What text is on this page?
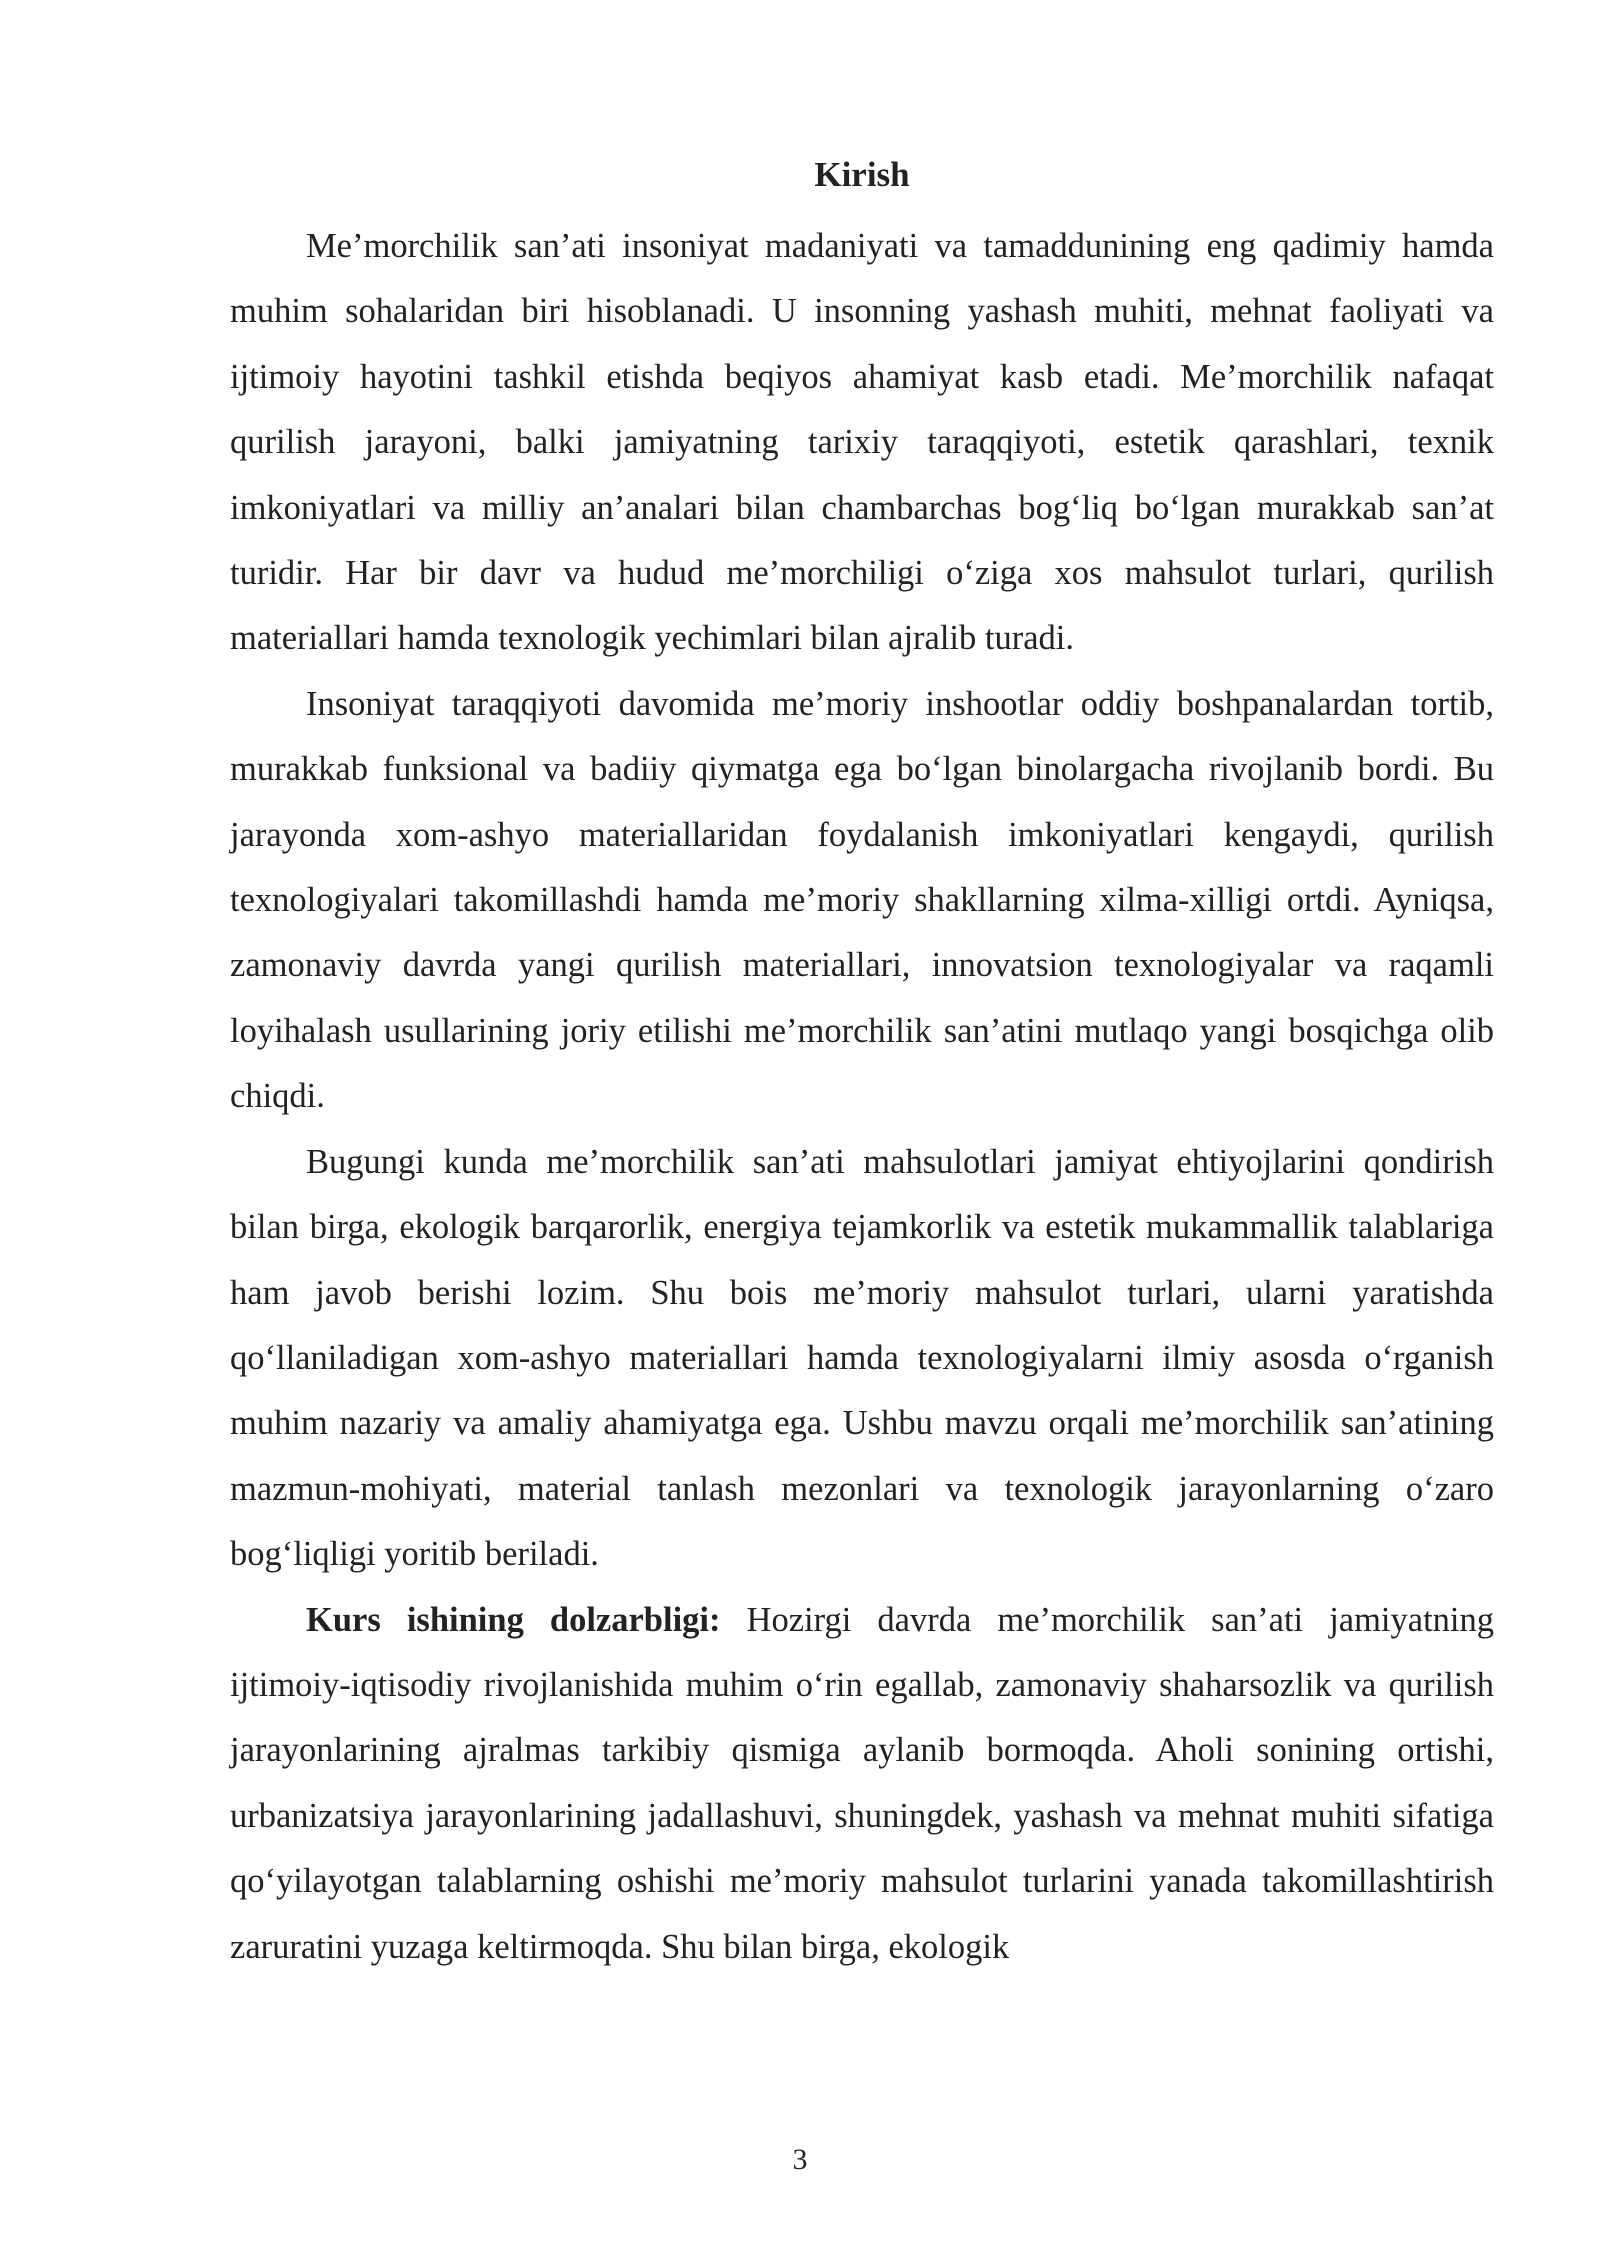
Kirish

Me’morchilik san’ati insoniyat madaniyati va tamaddunining eng qadimiy hamda muhim sohalaridan biri hisoblanadi. U insonning yashash muhiti, mehnat faoliyati va ijtimoiy hayotini tashkil etishda beqiyos ahamiyat kasb etadi. Me’morchilik nafaqat qurilish jarayoni, balki jamiyatning tarixiy taraqqiyoti, estetik qarashlari, texnik imkoniyatlari va milliy an’analari bilan chambarchas bog‘liq bo‘lgan murakkab san’at turidir. Har bir davr va hudud me’morchiligi o‘ziga xos mahsulot turlari, qurilish materiallari hamda texnologik yechimlari bilan ajralib turadi.

Insoniyat taraqqiyoti davomida me’moriy inshootlar oddiy boshpanalardan tortib, murakkab funksional va badiiy qiymatga ega bo‘lgan binolargacha rivojlanib bordi. Bu jarayonda xom-ashyo materiallaridan foydalanish imkoniyatlari kengaydi, qurilish texnologiyalari takomillashdi hamda me’moriy shakllarning xilma-xilligi ortdi. Ayniqsa, zamonaviy davrda yangi qurilish materiallari, innovatsion texnologiyalar va raqamli loyihalash usullarining joriy etilishi me’morchilik san’atini mutlaqo yangi bosqichga olib chiqdi.

Bugungi kunda me’morchilik san’ati mahsulotlari jamiyat ehtiyojlarini qondirish bilan birga, ekologik barqarorlik, energiya tejamkorlik va estetik mukammallik talablariga ham javob berishi lozim. Shu bois me’moriy mahsulot turlari, ularni yaratishda qo‘llaniladigan xom-ashyo materiallari hamda texnologiyalarni ilmiy asosda o‘rganish muhim nazariy va amaliy ahamiyatga ega. Ushbu mavzu orqali me’morchilik san’atining mazmun-mohiyati, material tanlash mezonlari va texnologik jarayonlarning o‘zaro bog‘liqligi yoritib beriladi.

Kurs ishining dolzarbligi: Hozirgi davrda me’morchilik san’ati jamiyatning ijtimoiy-iqtisodiy rivojlanishida muhim o‘rin egallab, zamonaviy shaharsozlik va qurilish jarayonlarining ajralmas tarkibiy qismiga aylanib bormoqda. Aholi sonining ortishi, urbanizatsiya jarayonlarining jadallashuvi, shuningdek, yashash va mehnat muhiti sifatiga qo‘yilayotgan talablarning oshishi me’moriy mahsulot turlarini yanada takomillashtirish zaruratini yuzaga keltirmoqda. Shu bilan birga, ekologik

3
